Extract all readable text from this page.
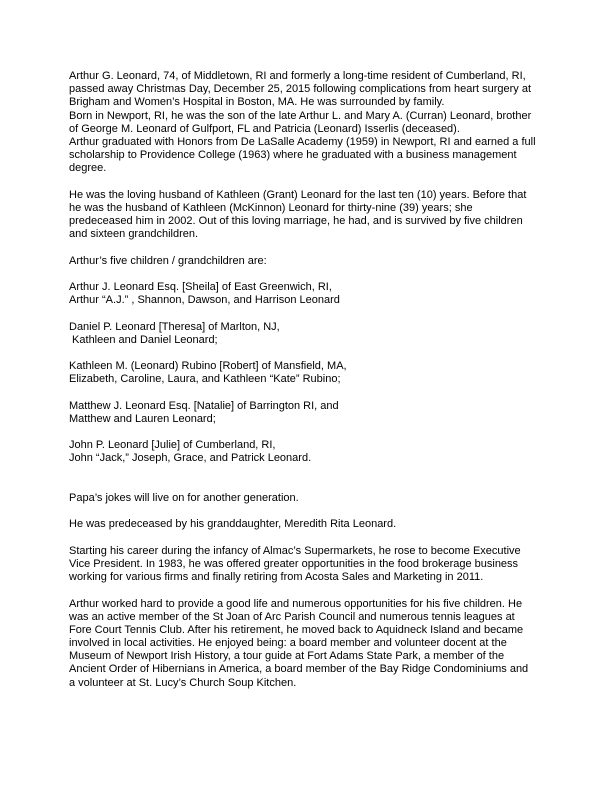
Arthur G. Leonard, 74, of Middletown, RI and formerly a long-time resident of Cumberland, RI,
passed away Christmas Day, December 25, 2015 following complications from heart surgery at
Brigham and Women’s Hospital in Boston, MA. He was surrounded by family.
Born in Newport, RI, he was the son of the late Arthur L. and Mary A. (Curran) Leonard, brother
of George M. Leonard of Gulfport, FL and Patricia (Leonard) Isserlis (deceased).
Arthur graduated with Honors from De LaSalle Academy (1959) in Newport, RI and earned a full
scholarship to Providence College (1963) where he graduated with a business management
degree.

He was the loving husband of Kathleen (Grant) Leonard for the last ten (10) years. Before that
he was the husband of Kathleen (McKinnon) Leonard for thirty-nine (39) years; she
predeceased him in 2002. Out of this loving marriage, he had, and is survived by five children
and sixteen grandchildren.

Arthur’s five children / grandchildren are:

Arthur J. Leonard Esq. [Sheila] of East Greenwich, RI,
Arthur “A.J.” , Shannon, Dawson, and Harrison Leonard

Daniel P. Leonard [Theresa] of Marlton, NJ,
Kathleen and Daniel Leonard;

Kathleen M. (Leonard) Rubino [Robert] of Mansfield, MA,
Elizabeth, Caroline, Laura, and Kathleen “Kate” Rubino;

Matthew J. Leonard Esq. [Natalie] of Barrington RI, and
Matthew and Lauren Leonard;

John P. Leonard [Julie] of Cumberland, RI,
John “Jack,” Joseph, Grace, and Patrick Leonard.

Papa’s jokes will live on for another generation.

He was predeceased by his granddaughter, Meredith Rita Leonard.

Starting his career during the infancy of Almac’s Supermarkets, he rose to become Executive
Vice President. In 1983, he was offered greater opportunities in the food brokerage business
working for various firms and finally retiring from Acosta Sales and Marketing in 2011.

Arthur worked hard to provide a good life and numerous opportunities for his five children. He
was an active member of the St Joan of Arc Parish Council and numerous tennis leagues at
Fore Court Tennis Club. After his retirement, he moved back to Aquidneck Island and became
involved in local activities. He enjoyed being: a board member and volunteer docent at the
Museum of Newport Irish History, a tour guide at Fort Adams State Park, a member of the
Ancient Order of Hibernians in America, a board member of the Bay Ridge Condominiums and
a volunteer at St. Lucy’s Church Soup Kitchen.
